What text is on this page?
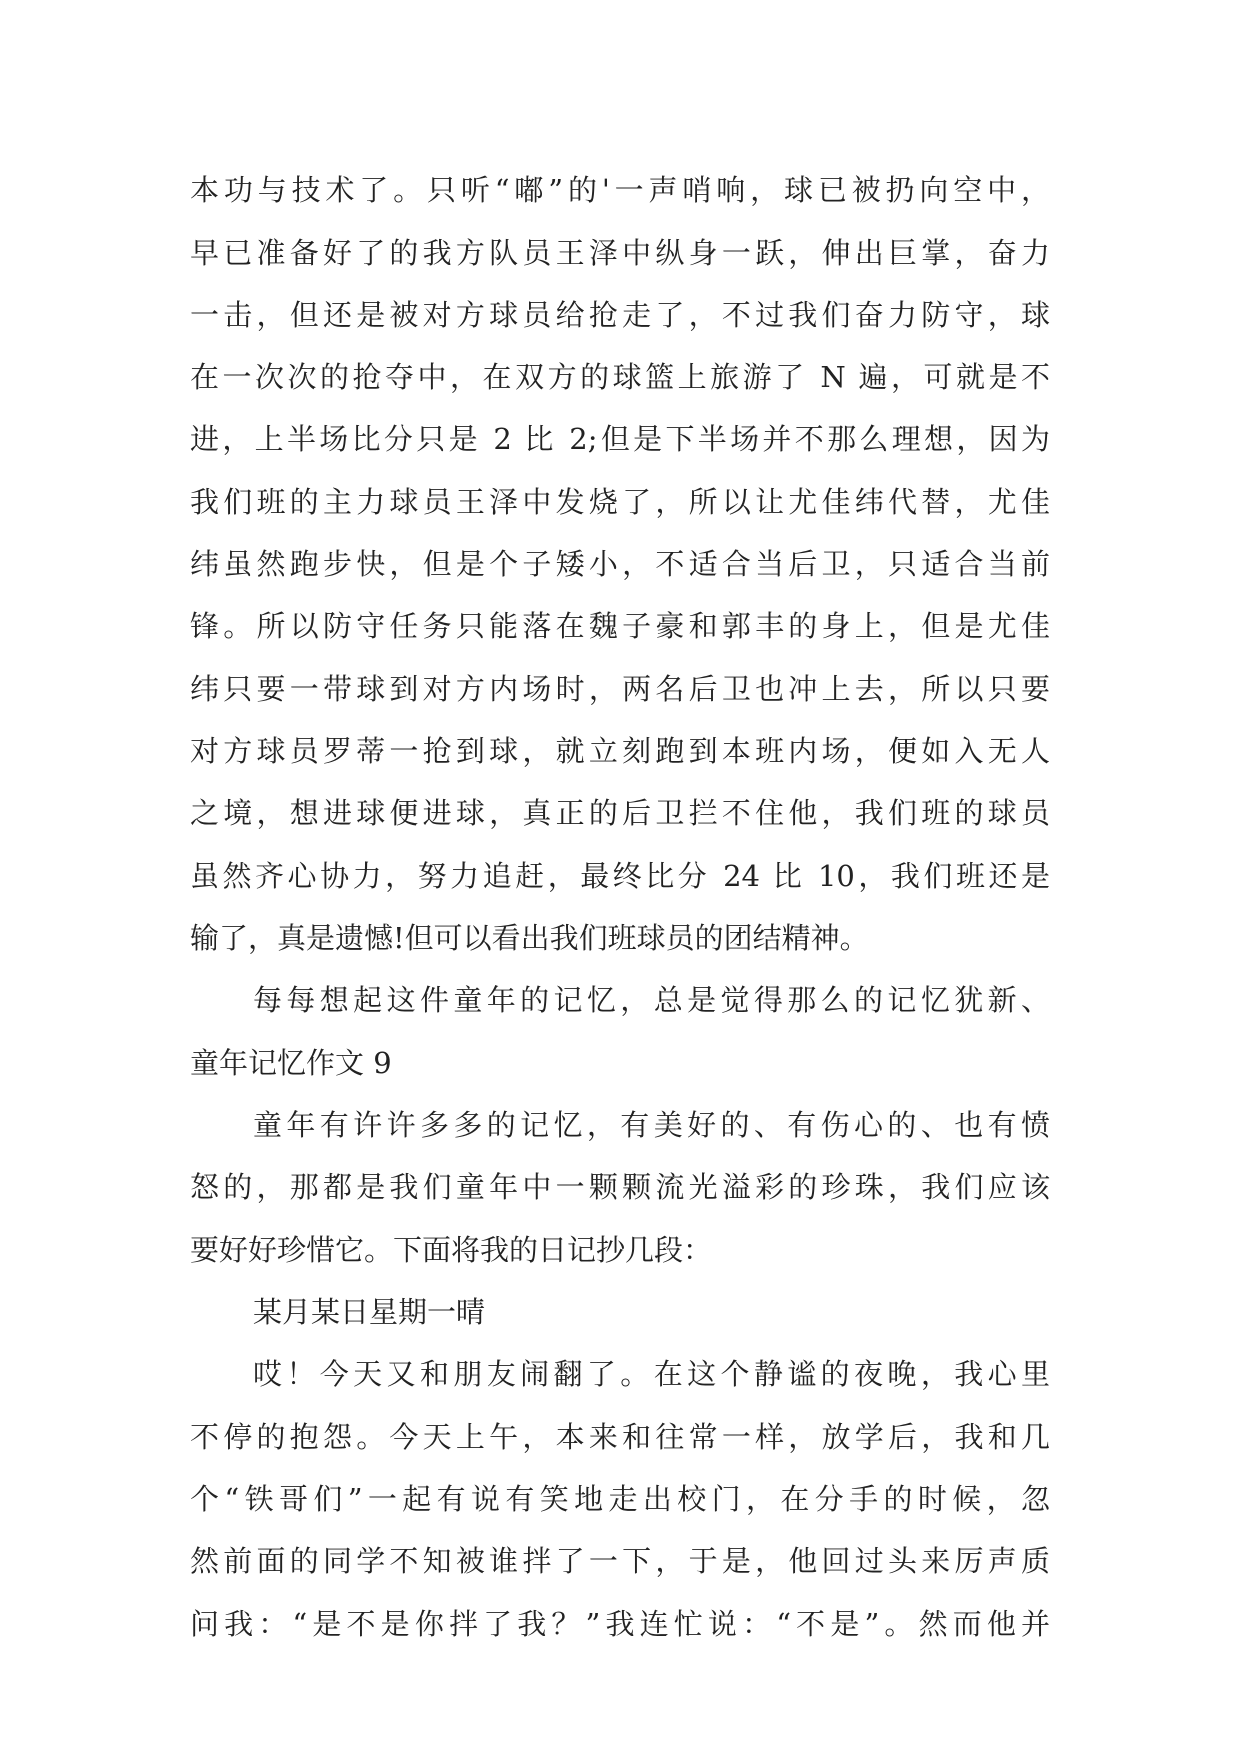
本功与技术了。只听“嘟”的'一声哨响，球已被扔向空中，
早已准备好了的我方队员王泽中纵身一跃，伸出巨掌，奋力
一击，但还是被对方球员给抢走了，不过我们奋力防守，球
在一次次的抢夺中，在双方的球篮上旅游了 N 遍，可就是不
进，上半场比分只是 2 比 2;但是下半场并不那么理想，因为
我们班的主力球员王泽中发烧了，所以让尤佳纬代替，尤佳
纬虽然跑步快，但是个子矮小，不适合当后卫，只适合当前
锋。所以防守任务只能落在魏子豪和郭丰的身上，但是尤佳
纬只要一带球到对方内场时，两名后卫也冲上去，所以只要
对方球员罗蒂一抢到球，就立刻跑到本班内场，便如入无人
之境，想进球便进球，真正的后卫拦不住他，我们班的球员
虽然齐心协力，努力追赶，最终比分 24 比 10，我们班还是
输了，真是遗憾!但可以看出我们班球员的团结精神。
每每想起这件童年的记忆，总是觉得那么的记忆犹新、
童年记忆作文 9
童年有许许多多的记忆，有美好的、有伤心的、也有愤
怒的，那都是我们童年中一颗颗流光溢彩的珍珠，我们应该
要好好珍惜它。下面将我的日记抄几段：
某月某日星期一晴
哎！今天又和朋友闹翻了。在这个静谧的夜晚，我心里
不停的抱怨。今天上午，本来和往常一样，放学后，我和几
个“铁哥们”一起有说有笑地走出校门，在分手的时候，忽
然前面的同学不知被谁拌了一下，于是，他回过头来厉声质
问我：“是不是你拌了我？”我连忙说：“不是”。然而他并
